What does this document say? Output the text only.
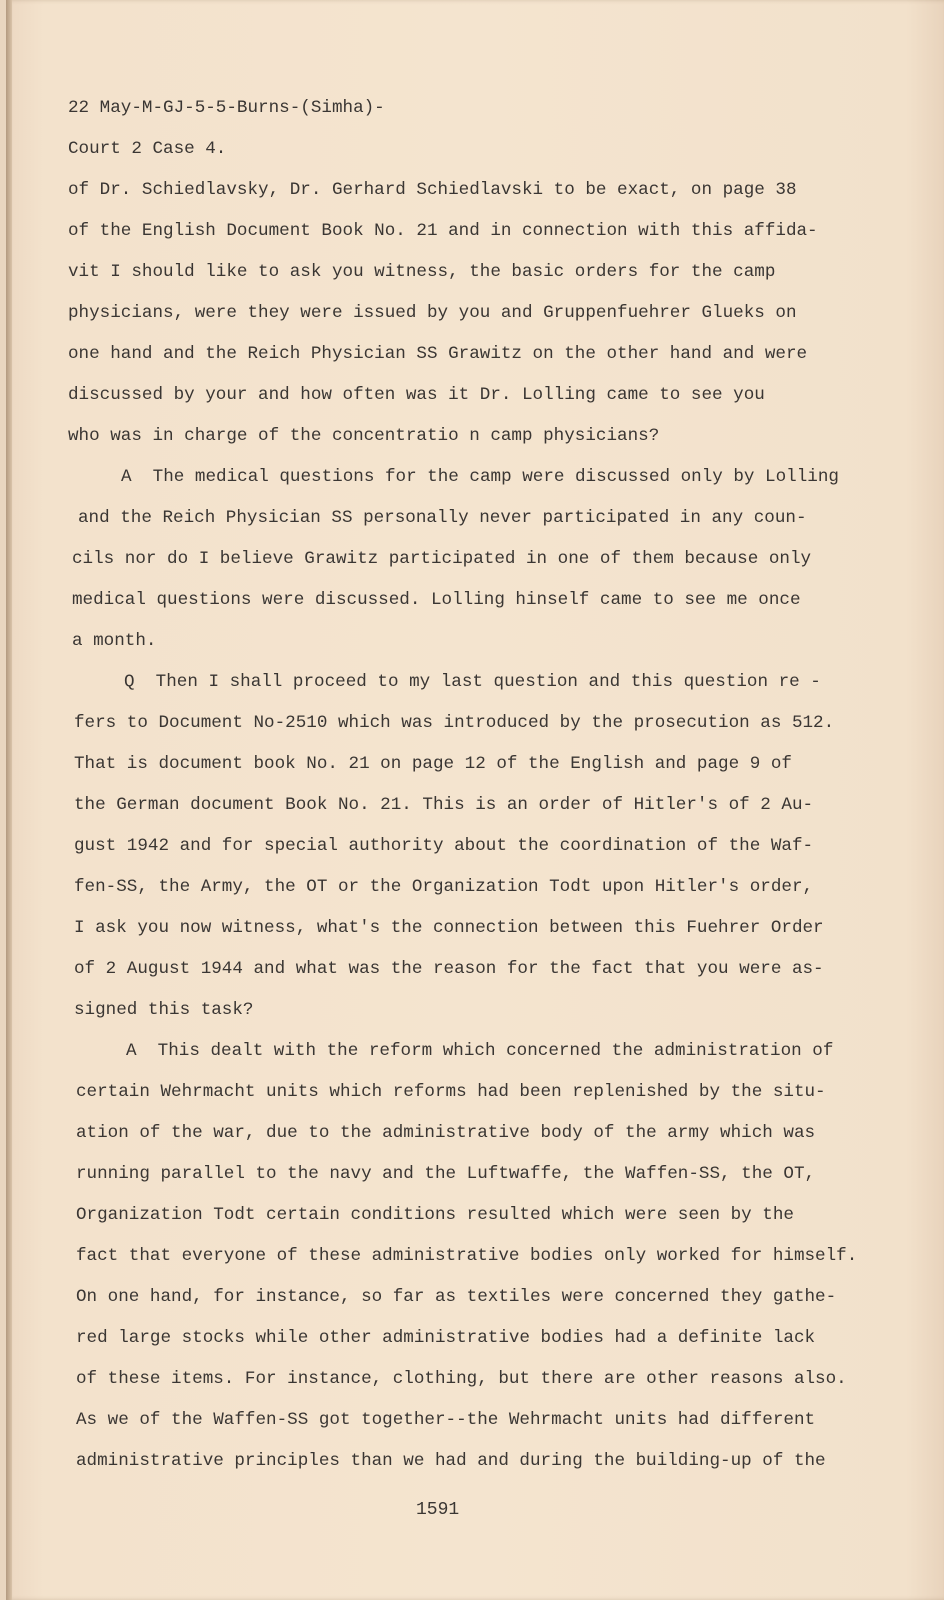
22 May-M-GJ-5-5-Burns-(Simha)-
Court 2 Case 4.
of Dr. Schiedlavsky, Dr. Gerhard Schiedlavski to be exact, on page 38
of the English Document Book No. 21 and in connection with this affida-
vit I should like to ask you witness, the basic orders for the camp
physicians, were they were issued by you and Gruppenfuehrer Glueks on
one hand and the Reich Physician SS Grawitz on the other hand and were
discussed by your and how often was it Dr. Lolling came to see you
who was in charge of the concentratio n camp physicians?
A  The medical questions for the camp were discussed only by Lolling
and the Reich Physician SS personally never participated in any coun-
cils nor do I believe Grawitz participated in one of them because only
medical questions were discussed. Lolling hinself came to see me once
a month.
Q  Then I shall proceed to my last question and this question re -
fers to Document No-2510 which was introduced by the prosecution as 512.
That is document book No. 21 on page 12 of the English and page 9 of
the German document Book No. 21. This is an order of Hitler's of 2 Au-
gust 1942 and for special authority about the coordination of the Waf-
fen-SS, the Army, the OT or the Organization Todt upon Hitler's order,
I ask you now witness, what's the connection between this Fuehrer Order
of 2 August 1944 and what was the reason for the fact that you were as-
signed this task?
A  This dealt with the reform which concerned the administration of
certain Wehrmacht units which reforms had been replenished by the situ-
ation of the war, due to the administrative body of the army which was
running parallel to the navy and the Luftwaffe, the Waffen-SS, the OT,
Organization Todt certain conditions resulted which were seen by the
fact that everyone of these administrative bodies only worked for himself.
On one hand, for instance, so far as textiles were concerned they gathe-
red large stocks while other administrative bodies had a definite lack
of these items. For instance, clothing, but there are other reasons also.
As we of the Waffen-SS got together--the Wehrmacht units had different
administrative principles than we had and during the building-up of the
1591
